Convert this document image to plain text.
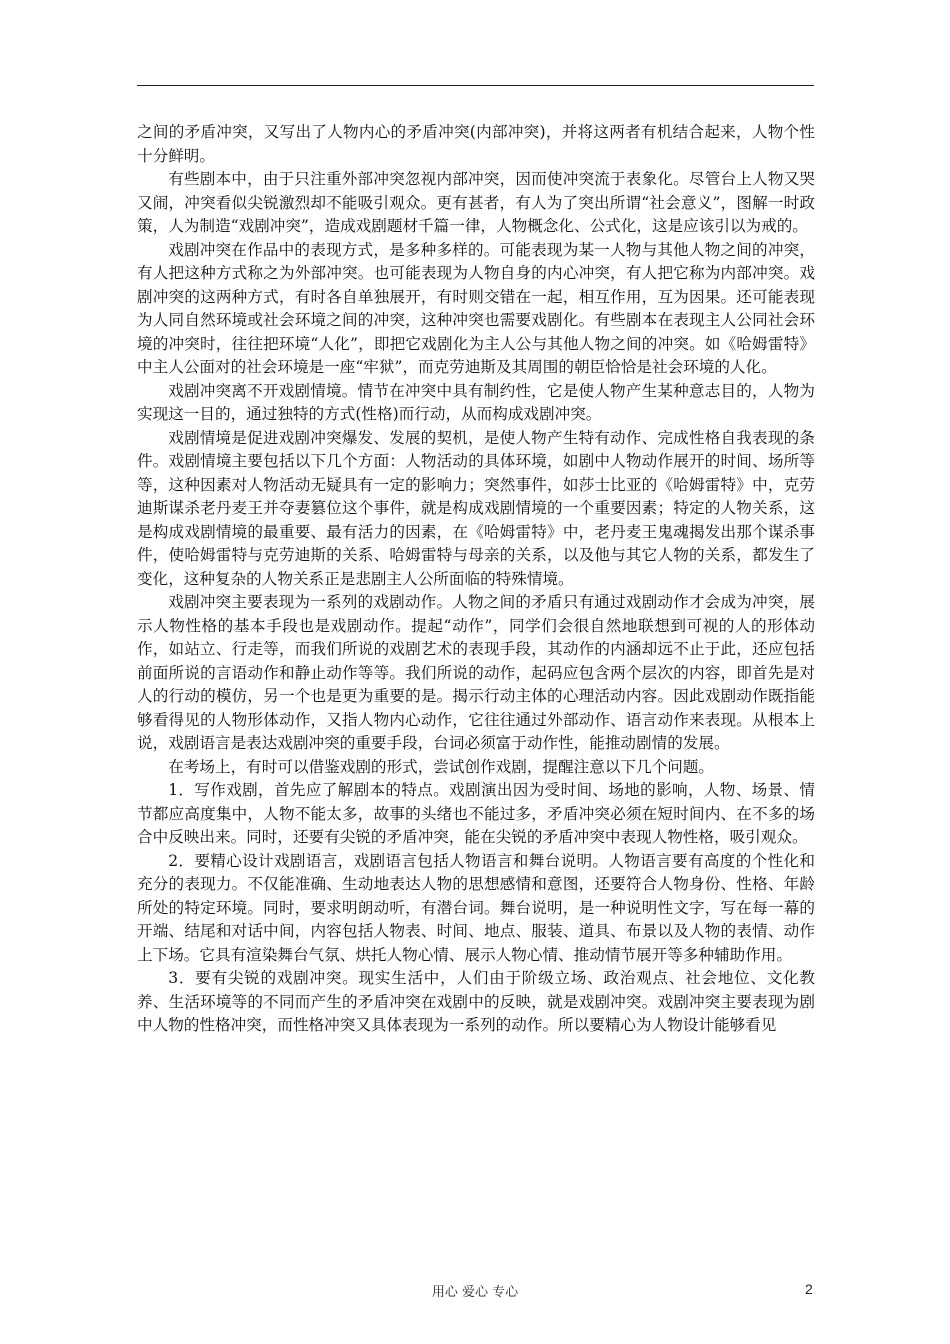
之间的矛盾冲突，又写出了人物内心的矛盾冲突(内部冲突)，并将这两者有机结合起来，人物个性十分鲜明。

有些剧本中，由于只注重外部冲突忽视内部冲突，因而使冲突流于表象化。尽管台上人物又哭又闹，冲突看似尖锐激烈却不能吸引观众。更有甚者，有人为了突出所谓“社会意义”，图解一时政策，人为制造“戏剧冲突”，造成戏剧题材千篇一律，人物概念化、公式化，这是应该引以为戒的。

戏剧冲突在作品中的表现方式，是多种多样的。可能表现为某一人物与其他人物之间的冲突，有人把这种方式称之为外部冲突。也可能表现为人物自身的内心冲突，有人把它称为内部冲突。戏剧冲突的这两种方式，有时各自单独展开，有时则交错在一起，相互作用，互为因果。还可能表现为人同自然环境或社会环境之间的冲突，这种冲突也需要戏剧化。有些剧本在表现主人公同社会环境的冲突时，往往把环境“人化”，即把它戏剧化为主人公与其他人物之间的冲突。如《哈姆雷特》中主人公面对的社会环境是一座“牢狱”，而克劳迪斯及其周围的朝臣恰恰是社会环境的人化。

戏剧冲突离不开戏剧情境。情节在冲突中具有制约性，它是使人物产生某种意志目的，人物为实现这一目的，通过独特的方式(性格)而行动，从而构成戏剧冲突。

戏剧情境是促进戏剧冲突爆发、发展的契机，是使人物产生特有动作、完成性格自我表现的条件。戏剧情境主要包括以下几个方面：人物活动的具体环境，如剧中人物动作展开的时间、场所等等，这种因素对人物活动无疑具有一定的影响力；突然事件，如莎士比亚的《哈姆雷特》中，克劳迪斯谋杀老丹麦王并夺妻篡位这个事件，就是构成戏剧情境的一个重要因素；特定的人物关系，这是构成戏剧情境的最重要、最有活力的因素，在《哈姆雷特》中，老丹麦王鬼魂揭发出那个谋杀事件，使哈姆雷特与克劳迪斯的关系、哈姆雷特与母亲的关系，以及他与其它人物的关系，都发生了变化，这种复杂的人物关系正是悲剧主人公所面临的特殊情境。

戏剧冲突主要表现为一系列的戏剧动作。人物之间的矛盾只有通过戏剧动作才会成为冲突，展示人物性格的基本手段也是戏剧动作。提起“动作”，同学们会很自然地联想到可视的人的形体动作，如站立、行走等，而我们所说的戏剧艺术的表现手段，其动作的内涵却远不止于此，还应包括前面所说的言语动作和静止动作等等。我们所说的动作，起码应包含两个层次的内容，即首先是对人的行动的模仿，另一个也是更为重要的是。揭示行动主体的心理活动内容。因此戏剧动作既指能够看得见的人物形体动作，又指人物内心动作，它往往通过外部动作、语言动作来表现。从根本上说，戏剧语言是表达戏剧冲突的重要手段，台词必须富于动作性，能推动剧情的发展。

在考场上，有时可以借鉴戏剧的形式，尝试创作戏剧，提醒注意以下几个问题。

1．写作戏剧，首先应了解剧本的特点。戏剧演出因为受时间、场地的影响，人物、场景、情节都应高度集中，人物不能太多，故事的头绪也不能过多，矛盾冲突必须在短时间内、在不多的场合中反映出来。同时，还要有尖锐的矛盾冲突，能在尖锐的矛盾冲突中表现人物性格，吸引观众。

2．要精心设计戏剧语言，戏剧语言包括人物语言和舞台说明。人物语言要有高度的个性化和充分的表现力。不仅能准确、生动地表达人物的思想感情和意图，还要符合人物身份、性格、年龄所处的特定环境。同时，要求明朗动听，有潜台词。舞台说明，是一种说明性文字，写在每一幕的开端、结尾和对话中间，内容包括人物表、时间、地点、服装、道具、布景以及人物的表情、动作上下场。它具有渲染舞台气氛、烘托人物心情、展示人物心情、推动情节展开等多种辅助作用。

3．要有尖锐的戏剧冲突。现实生活中，人们由于阶级立场、政治观点、社会地位、文化教养、生活环境等的不同而产生的矛盾冲突在戏剧中的反映，就是戏剧冲突。戏剧冲突主要表现为剧中人物的性格冲突，而性格冲突又具体表现为一系列的动作。所以要精心为人物设计能够看见

用心 爱心 专心	2
